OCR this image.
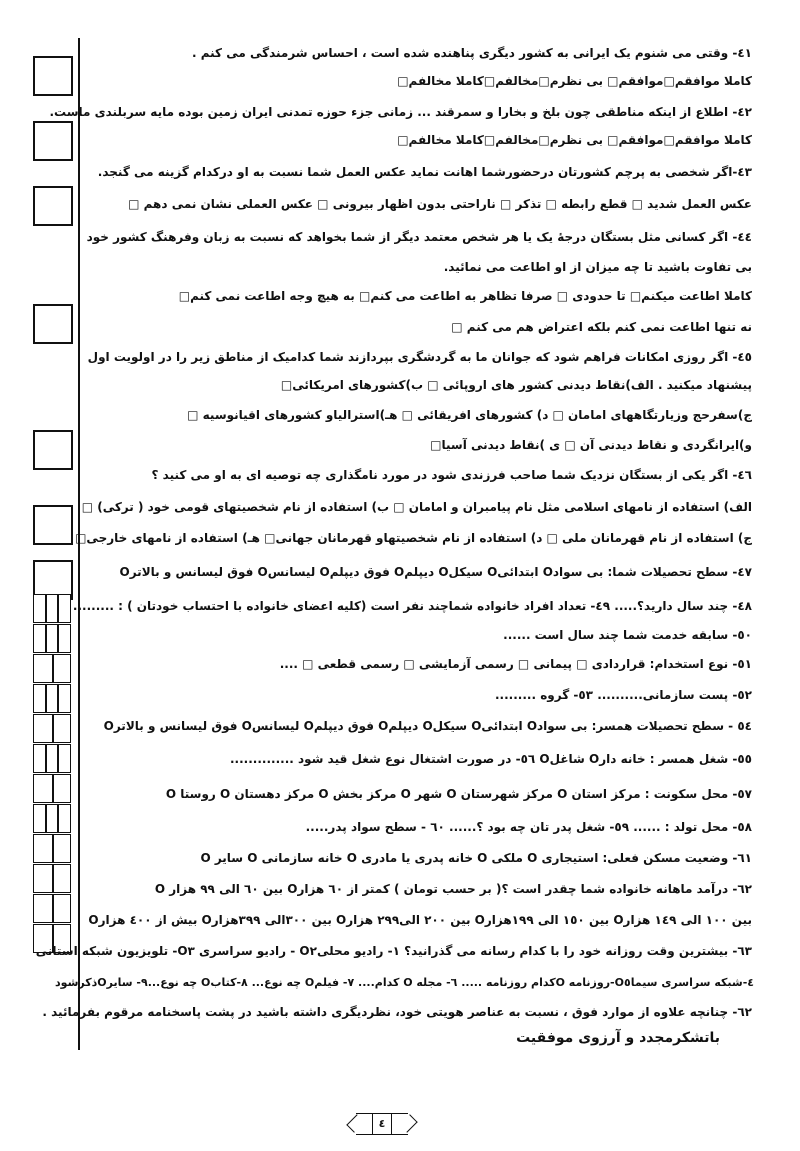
٤١- وقتی می شنوم یک ایرانی به کشور دیگری پناهنده شده است ، احساس شرمندگی می کنم .
کاملا موافقم□موافقم□ بی نظرم□مخالفم□کاملا مخالفم□
٤٢- اطلاع از اینکه مناطقی چون بلخ و بخارا و سمرقند ... زمانی جزء حوزه تمدنی ایران زمین بوده مایه سربلندی ماست.
کاملا موافقم□موافقم□ بی نظرم□مخالفم□کاملا مخالفم□
٤٣-اگر شخصی به پرچم کشورتان درحضورشما اهانت نماید عکس العمل شما نسبت به او درکدام گزینه می گنجد.
عکس العمل شدید □ قطع رابطه □ تذکر □ ناراحتی بدون اظهار بیرونی □ عکس العملی نشان نمی دهم □
٤٤- اگر کسانی مثل بستگان درجهٔ یک یا هر شخص معتمد دیگر از شما بخواهد که نسبت به زبان وفرهنگ کشور خود
بی تفاوت باشید تا چه میزان از او اطاعت می نمائید.
کاملا اطاعت میکنم□ تا حدودی □ صرفا تظاهر به اطاعت می کنم□ به هیچ وجه اطاعت نمی کنم□
نه تنها اطاعت نمی کنم بلکه اعتراض هم می کنم □
٤٥- اگر روزی امکانات فراهم شود که جوانان ما به گردشگری بپردازند شما کدامیک از مناطق زیر را در اولویت اول
پیشنهاد میکنید . الف)نقاط دیدنی کشور های اروپائی □ ب)کشورهای امریکائی□
ج)سفرحج وزیارتگاههای امامان □ د) کشورهای افریقائی □ هـ)استرالیاو کشورهای اقیانوسیه □
و)ایرانگردی و نقاط دیدنی آن □ ی )نقاط دیدنی آسیا□
٤٦- اگر یکی از بستگان نزدیک شما صاحب فرزندی شود در مورد نامگذاری چه توصیه ای به او می کنید ؟
الف) استفاده از نامهای اسلامی مثل نام پیامبران و امامان □ ب) استفاده از نام شخصیتهای قومی خود ( ترکی) □
ج) استفاده از نام قهرمانان ملی □ د) استفاده از نام شخصیتهاو قهرمانان جهانی□ هـ) استفاده از نامهای خارجی□
٤٧- سطح تحصیلات شما: بی سوادO ابتدائیO سیکلO دیپلمO فوق دیپلمO لیسانسO فوق لیسانس و بالاترO
٤٨- چند سال دارید؟..... ٤٩- تعداد افراد خانواده شماچند نفر است (کلیه اعضای خانواده با احتساب خودتان ) : .........
٥٠- سابقه خدمت شما چند سال است ......
٥١- نوع استخدام: قراردادی □ پیمانی □ رسمی آزمایشی □ رسمی قطعی □ ....
٥٢- پست سازمانی.......... ٥٣- گروه .........
٥٤ - سطح تحصیلات همسر: بی سوادO ابتدائیO سیکلO دیپلمO فوق دیپلمO لیسانسO فوق لیسانس و بالاترO
٥٥- شغل همسر : خانه دارO شاغلO ٥٦- در صورت اشتغال نوع شغل قید شود ..............
٥٧- محل سکونت : مرکز استان O مرکز شهرستان O شهر O مرکز بخش O مرکز دهستان O روستا O
٥٨- محل تولد : ...... ٥٩- شغل پدر تان چه بود ؟...... ٦٠ - سطح سواد پدر.....
٦١- وضعیت مسکن فعلی: استیجاری O ملکی O خانه پدری یا مادری O خانه سازمانی O سایر O
٦٢- درآمد ماهانه خانواده شما چقدر است ؟( بر حسب تومان ) کمتر از ٦٠ هزارO بین ٦٠ الی ٩٩ هزار O
بین ١٠٠ الی ١٤٩ هزارO بین ١٥٠ الی ١٩٩هزارO بین ٢٠٠ الی٢٩٩ هزارO بین ٣٠٠الی ٣٩٩هزارO بیش از ٤٠٠ هزارO
٦٣- بیشترین وقت روزانه خود را با کدام رسانه می گذرانید؟ ١- رادیو محلیO٢ - رادیو سراسری O٣- تلویزیون شبکه استانی
٤-شبکه سراسری سیماO٥-روزنامه Oکدام روزنامه ..... ٦- مجله O کدام.... ٧- فیلمO چه نوع... ٨-کتابO چه نوع...٩- سایرOذکرشود
٦٢- چنانچه علاوه از موارد فوق ، نسبت به عناصر هویتی خود، نظردیگری داشته باشید در پشت پاسخنامه مرقوم بفرمائید .
باتشکرمجدد و آرزوی موفقیت
٤
